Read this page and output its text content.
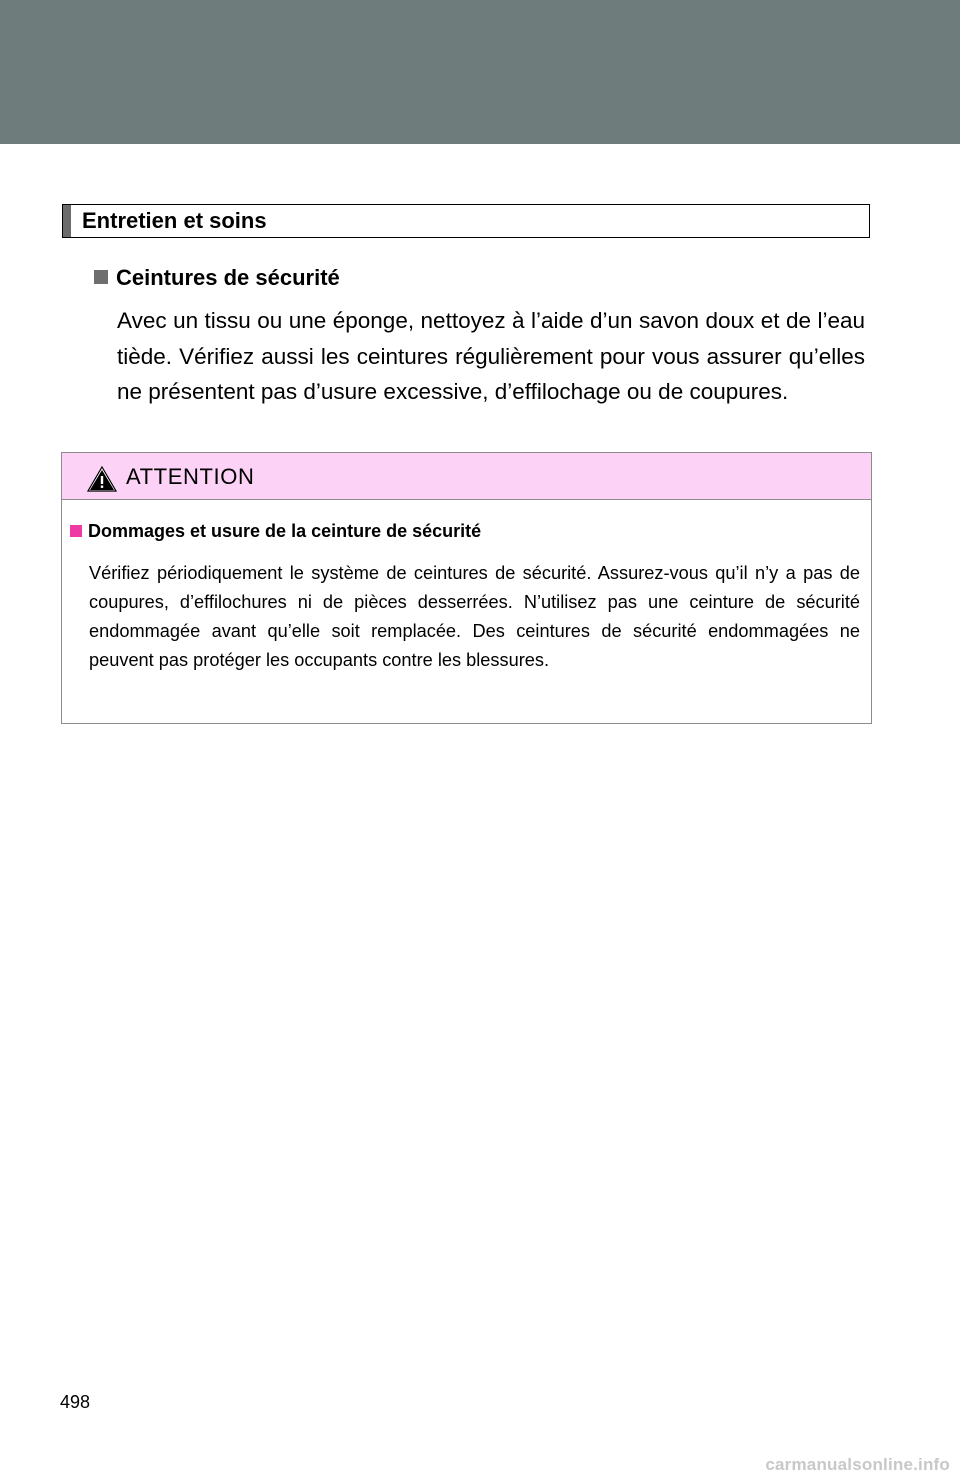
Entretien et soins
Ceintures de sécurité
Avec un tissu ou une éponge, nettoyez à l’aide d’un savon doux et de l’eau tiède. Vérifiez aussi les ceintures régulièrement pour vous assurer qu’elles ne présentent pas d’usure excessive, d’effilochage ou de coupures.
ATTENTION
Dommages et usure de la ceinture de sécurité
Vérifiez périodiquement le système de ceintures de sécurité. Assurez-vous qu’il n’y a pas de coupures, d’effilochures ni de pièces desserrées. N’utilisez pas une ceinture de sécurité endommagée avant qu’elle soit remplacée. Des ceintures de sécurité endommagées ne peuvent pas protéger les occupants contre les blessures.
498
carmanualsonline.info
